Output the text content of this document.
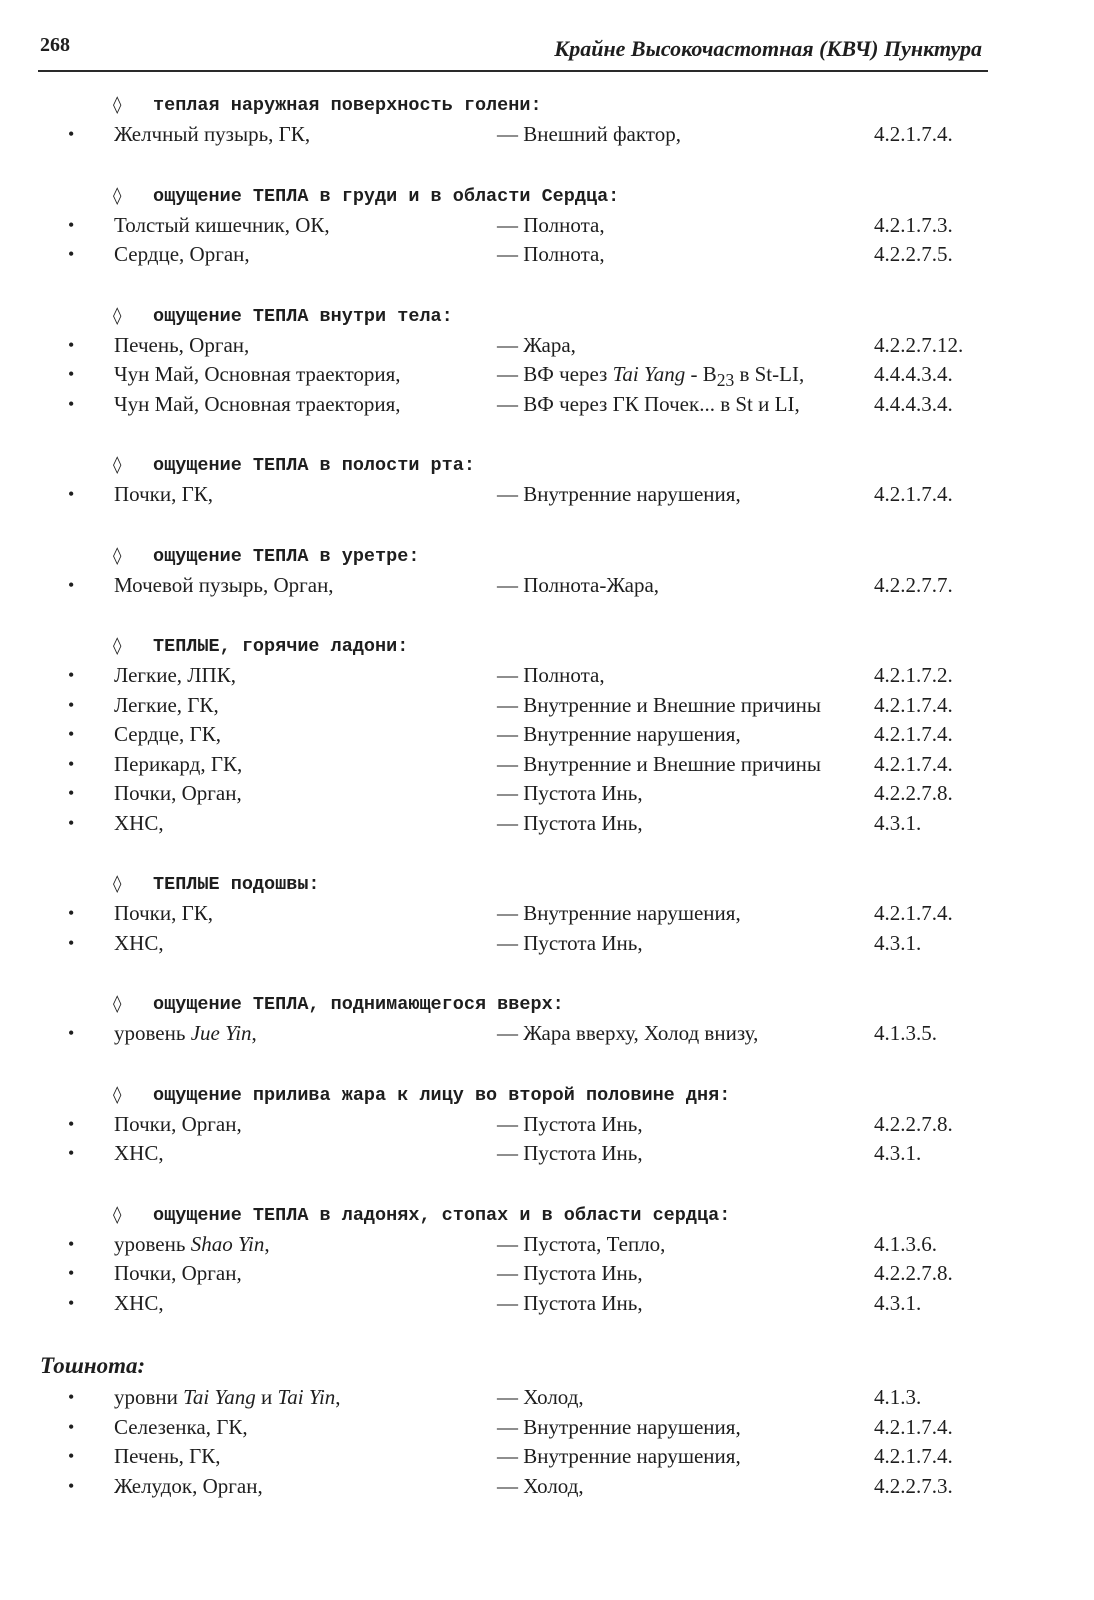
268	Крайне Высокочастотная (КВЧ) Пунктура
◊ теплая наружная поверхность голени:
• Желчный пузырь, ГК,	— Внешний фактор,	4.2.1.7.4.
◊ ощущение ТЕПЛА в груди и в области Сердца:
• Толстый кишечник, ОК,	— Полнота,	4.2.1.7.3.
• Сердце, Орган,	— Полнота,	4.2.2.7.5.
◊ ощущение ТЕПЛА внутри тела:
• Печень, Орган,	— Жара,	4.2.2.7.12.
• Чун Май, Основная траектория,	— ВФ через Tai Yang - $B_{23}$ в St-LI,	4.4.4.3.4.
• Чун Май, Основная траектория,	— ВФ через ГК Почек... в St и LI,	4.4.4.3.4.
◊ ощущение ТЕПЛА в полости рта:
• Почки, ГК,	— Внутренние нарушения,	4.2.1.7.4.
◊ ощущение ТЕПЛА в уретре:
• Мочевой пузырь, Орган,	— Полнота-Жара,	4.2.2.7.7.
◊ ТЕПЛЫЕ, горячие ладони:
• Легкие, ЛПК,	— Полнота,	4.2.1.7.2.
• Легкие, ГК,	— Внутренние и Внешние причины	4.2.1.7.4.
• Сердце, ГК,	— Внутренние нарушения,	4.2.1.7.4.
• Перикард, ГК,	— Внутренние и Внешние причины	4.2.1.7.4.
• Почки, Орган,	— Пустота Инь,	4.2.2.7.8.
• ХНС,	— Пустота Инь,	4.3.1.
◊ ТЕПЛЫЕ подошвы:
• Почки, ГК,	— Внутренние нарушения,	4.2.1.7.4.
• ХНС,	— Пустота Инь,	4.3.1.
◊ ощущение ТЕПЛА, поднимающегося вверх:
• уровень Jue Yin,	— Жара вверху, Холод внизу,	4.1.3.5.
◊ ощущение прилива жара к лицу во второй половине дня:
• Почки, Орган,	— Пустота Инь,	4.2.2.7.8.
• ХНС,	— Пустота Инь,	4.3.1.
◊ ощущение ТЕПЛА в ладонях, стопах и в области сердца:
• уровень Shao Yin,	— Пустота, Тепло,	4.1.3.6.
• Почки, Орган,	— Пустота Инь,	4.2.2.7.8.
• ХНС,	— Пустота Инь,	4.3.1.
Тошнота:
• уровни Tai Yang и Tai Yin,	— Холод,	4.1.3.
• Селезенка, ГК,	— Внутренние нарушения,	4.2.1.7.4.
• Печень, ГК,	— Внутренние нарушения,	4.2.1.7.4.
• Желудок, Орган,	— Холод,	4.2.2.7.3.
